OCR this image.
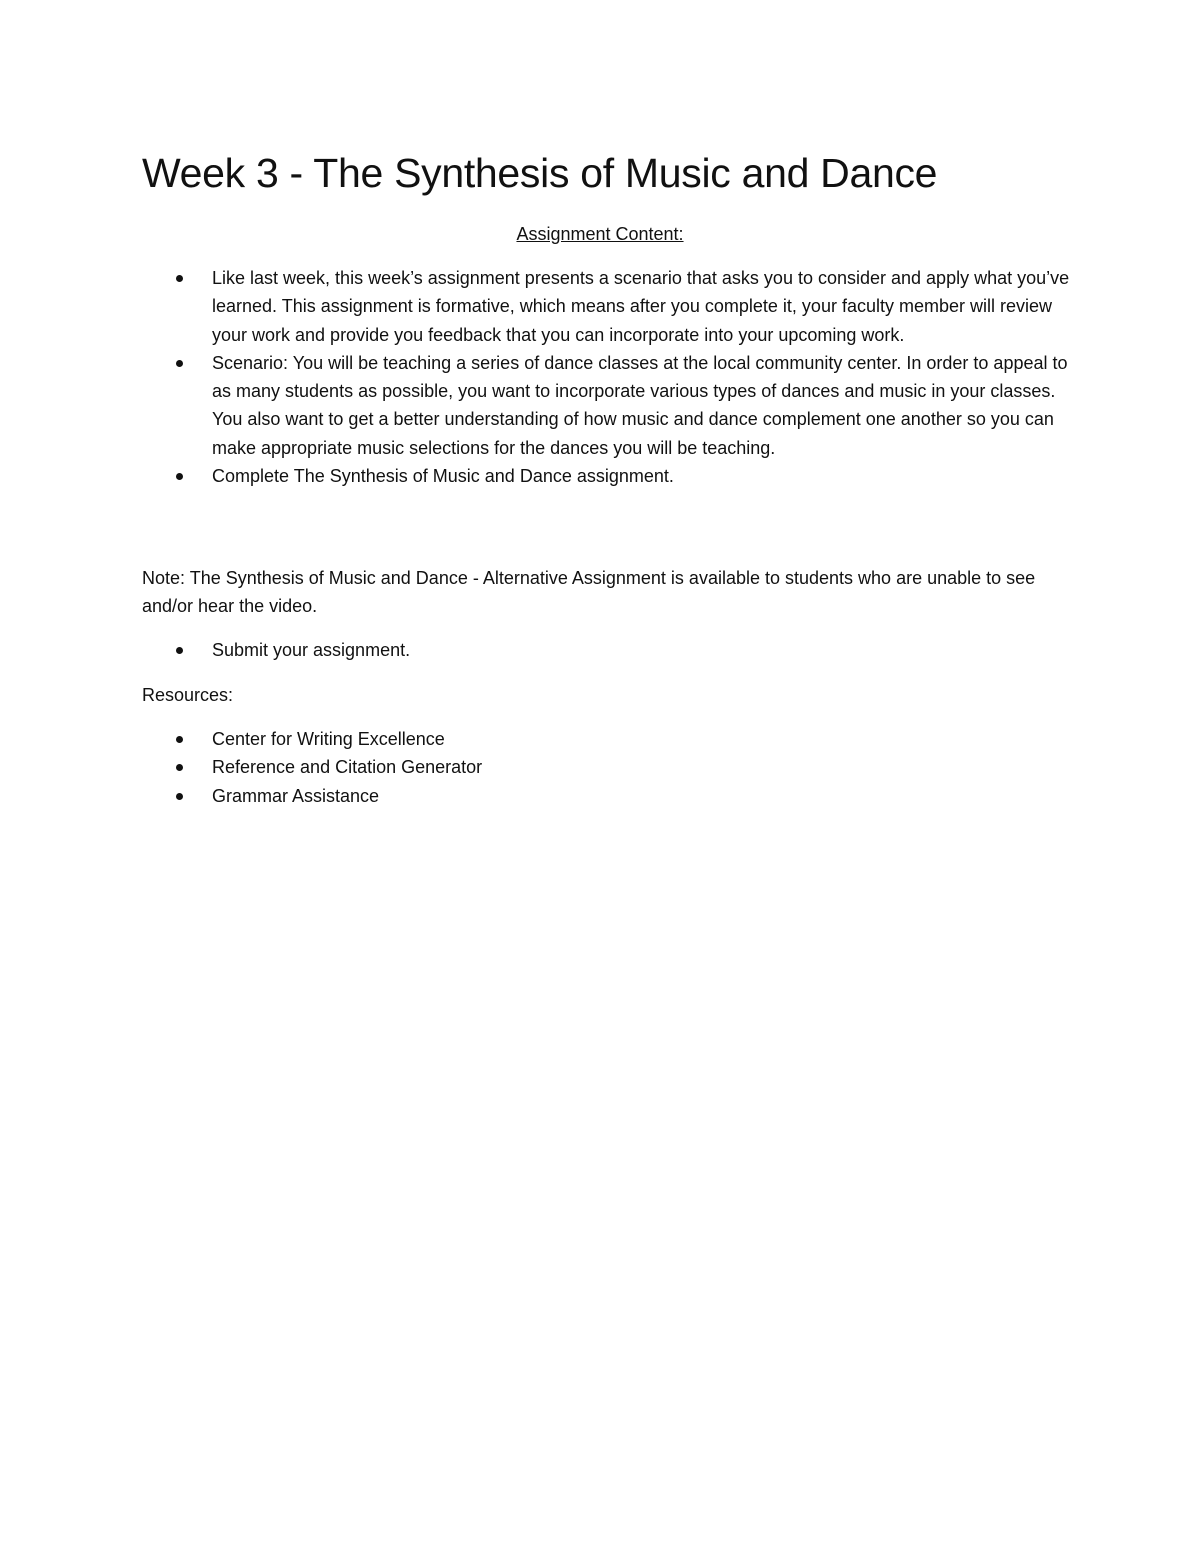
Week 3 - The Synthesis of Music and Dance
Assignment Content:
Like last week, this week’s assignment presents a scenario that asks you to consider and apply what you’ve learned. This assignment is formative, which means after you complete it, your faculty member will review your work and provide you feedback that you can incorporate into your upcoming work.
Scenario: You will be teaching a series of dance classes at the local community center. In order to appeal to as many students as possible, you want to incorporate various types of dances and music in your classes. You also want to get a better understanding of how music and dance complement one another so you can make appropriate music selections for the dances you will be teaching.
Complete The Synthesis of Music and Dance assignment.

Note: The Synthesis of Music and Dance - Alternative Assignment is available to students who are unable to see and/or hear the video.

Submit your assignment.

Resources:

Center for Writing Excellence
Reference and Citation Generator
Grammar Assistance
